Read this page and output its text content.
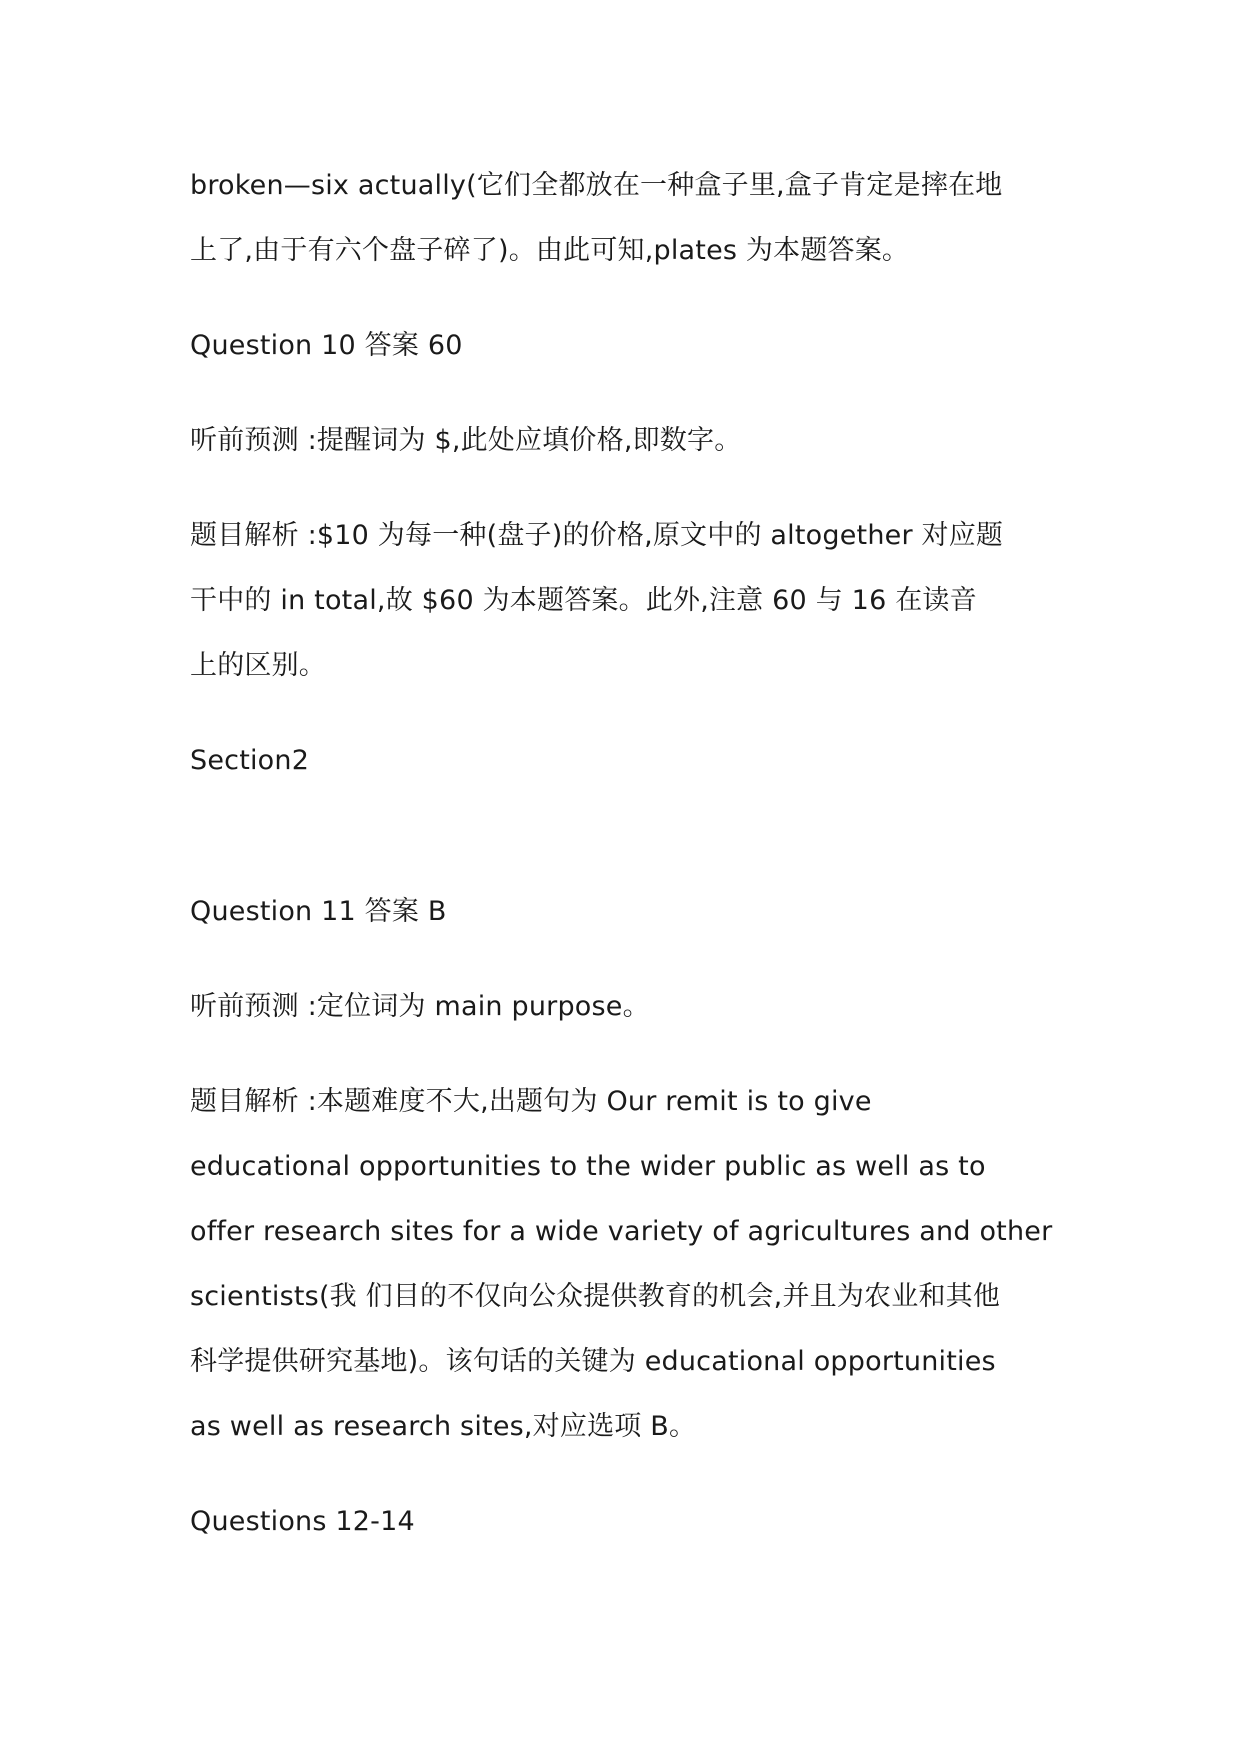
broken—six actually(它们全都放在一种盒子里,盒子肯定是摔在地
上了,由于有六个盘子碎了)。由此可知,plates 为本题答案。
Question 10 答案 60
听前预测 :提醒词为 $,此处应填价格,即数字。
题目解析 :$10 为每一种(盘子)的价格,原文中的 altogether 对应题
干中的 in total,故 $60 为本题答案。此外,注意 60 与 16 在读音
上的区别。
Section2
Question 11 答案 B
听前预测 :定位词为 main purpose。
题目解析 :本题难度不大,出题句为 Our remit is to give
educational opportunities to the wider public as well as to
offer research sites for a wide variety of agricultures and other
scientists(我 们目的不仅向公众提供教育的机会,并且为农业和其他
科学提供研究基地)。该句话的关键为 educational opportunities
as well as research sites,对应选项 B。
Questions 12-14
